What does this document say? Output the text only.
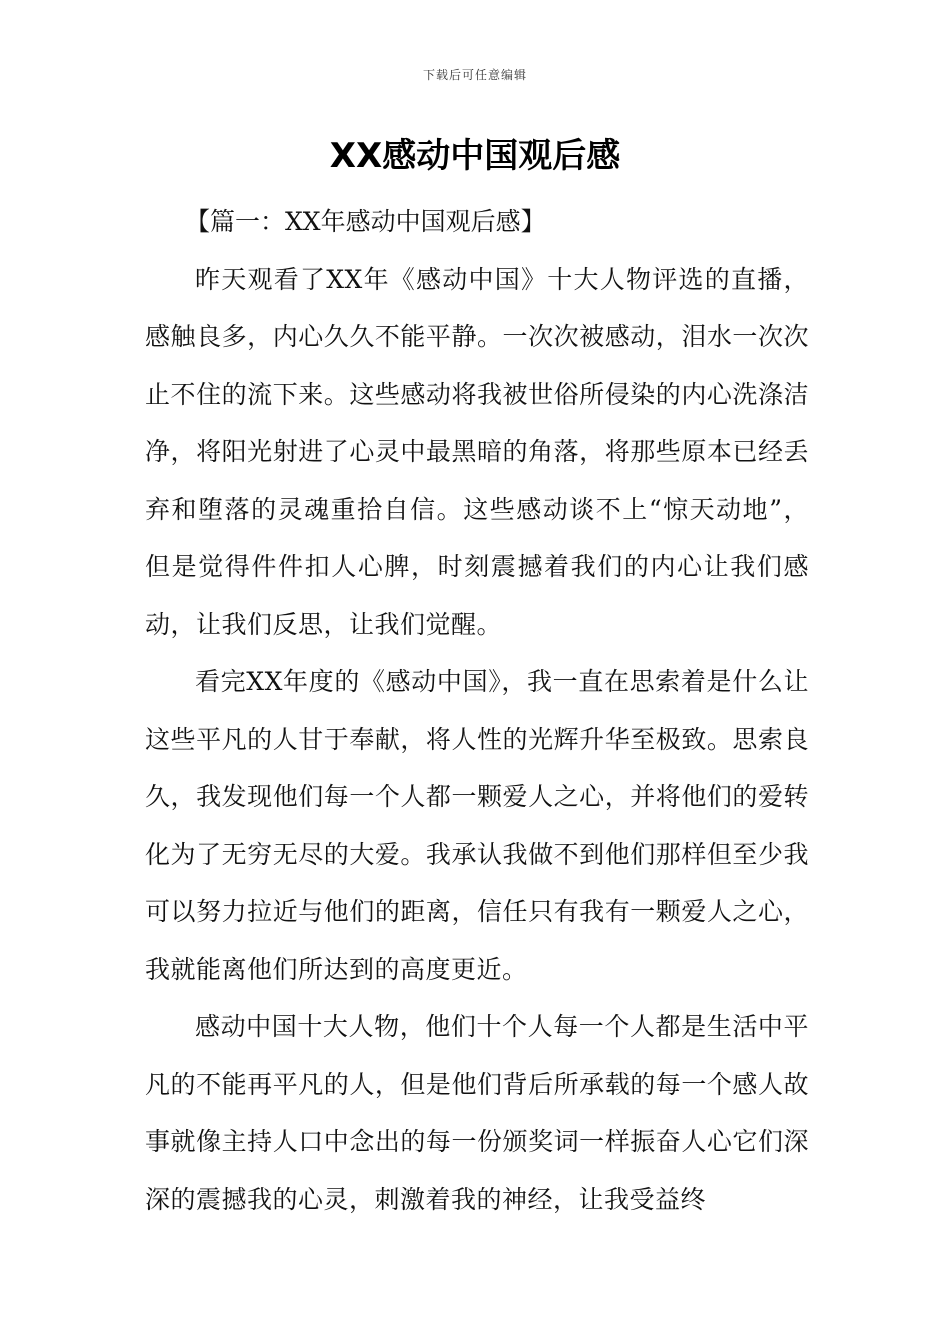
下载后可任意编辑
XX感动中国观后感

【篇一：XX年感动中国观后感】

昨天观看了XX年《感动中国》十大人物评选的直播，感触良多，内心久久不能平静。一次次被感动，泪水一次次止不住的流下来。这些感动将我被世俗所侵染的内心洗涤洁净，将阳光射进了心灵中最黑暗的角落，将那些原本已经丢弃和堕落的灵魂重拾自信。这些感动谈不上“惊天动地”，但是觉得件件扣人心脾，时刻震撼着我们的内心让我们感动，让我们反思，让我们觉醒。

看完XX年度的《感动中国》，我一直在思索着是什么让这些平凡的人甘于奉献，将人性的光辉升华至极致。思索良久，我发现他们每一个人都一颗爱人之心，并将他们的爱转化为了无穷无尽的大爱。我承认我做不到他们那样但至少我可以努力拉近与他们的距离，信任只有我有一颗爱人之心，我就能离他们所达到的高度更近。

感动中国十大人物，他们十个人每一个人都是生活中平凡的不能再平凡的人，但是他们背后所承载的每一个感人故事就像主持人口中念出的每一份颁奖词一样振奋人心它们深深的震撼我的心灵，刺激着我的神经，让我受益终
